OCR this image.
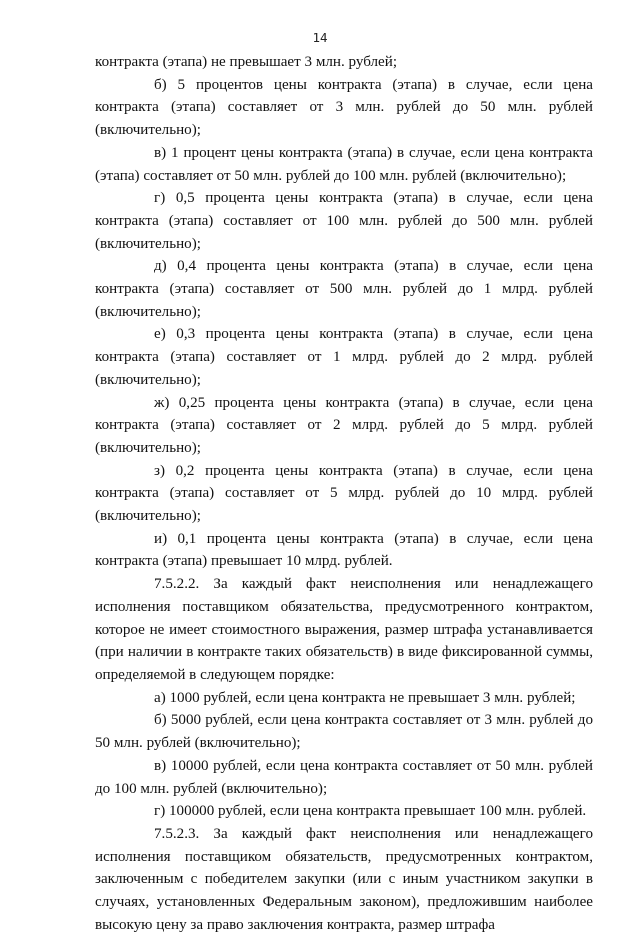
14

контракта (этапа) не превышает 3 млн. рублей;

б) 5 процентов цены контракта (этапа) в случае, если цена контракта (этапа) составляет от 3 млн. рублей до 50 млн. рублей (включительно);

в) 1 процент цены контракта (этапа) в случае, если цена контракта (этапа) составляет от 50 млн. рублей до 100 млн. рублей (включительно);

г) 0,5 процента цены контракта (этапа) в случае, если цена контракта (этапа) составляет от 100 млн. рублей до 500 млн. рублей (включительно);

д) 0,4 процента цены контракта (этапа) в случае, если цена контракта (этапа) составляет от 500 млн. рублей до 1 млрд. рублей (включительно);

е) 0,3 процента цены контракта (этапа) в случае, если цена контракта (этапа) составляет от 1 млрд. рублей до 2 млрд. рублей (включительно);

ж) 0,25 процента цены контракта (этапа) в случае, если цена контракта (этапа) составляет от 2 млрд. рублей до 5 млрд. рублей (включительно);

з) 0,2 процента цены контракта (этапа) в случае, если цена контракта (этапа) составляет от 5 млрд. рублей до 10 млрд. рублей (включительно);

и) 0,1 процента цены контракта (этапа) в случае, если цена контракта (этапа) превышает 10 млрд. рублей.

7.5.2.2. За каждый факт неисполнения или ненадлежащего исполнения поставщиком обязательства, предусмотренного контрактом, которое не имеет стоимостного выражения, размер штрафа устанавливается (при наличии в контракте таких обязательств) в виде фиксированной суммы, определяемой в следующем порядке:

а) 1000 рублей, если цена контракта не превышает 3 млн. рублей;

б) 5000 рублей, если цена контракта составляет от 3 млн. рублей до 50 млн. рублей (включительно);

в) 10000 рублей, если цена контракта составляет от 50 млн. рублей до 100 млн. рублей (включительно);

г) 100000 рублей, если цена контракта превышает 100 млн. рублей.

7.5.2.3. За каждый факт неисполнения или ненадлежащего исполнения поставщиком обязательств, предусмотренных контрактом, заключенным с победителем закупки (или с иным участником закупки в случаях, установленных Федеральным законом), предложившим наиболее высокую цену за право заключения контракта, размер штрафа
